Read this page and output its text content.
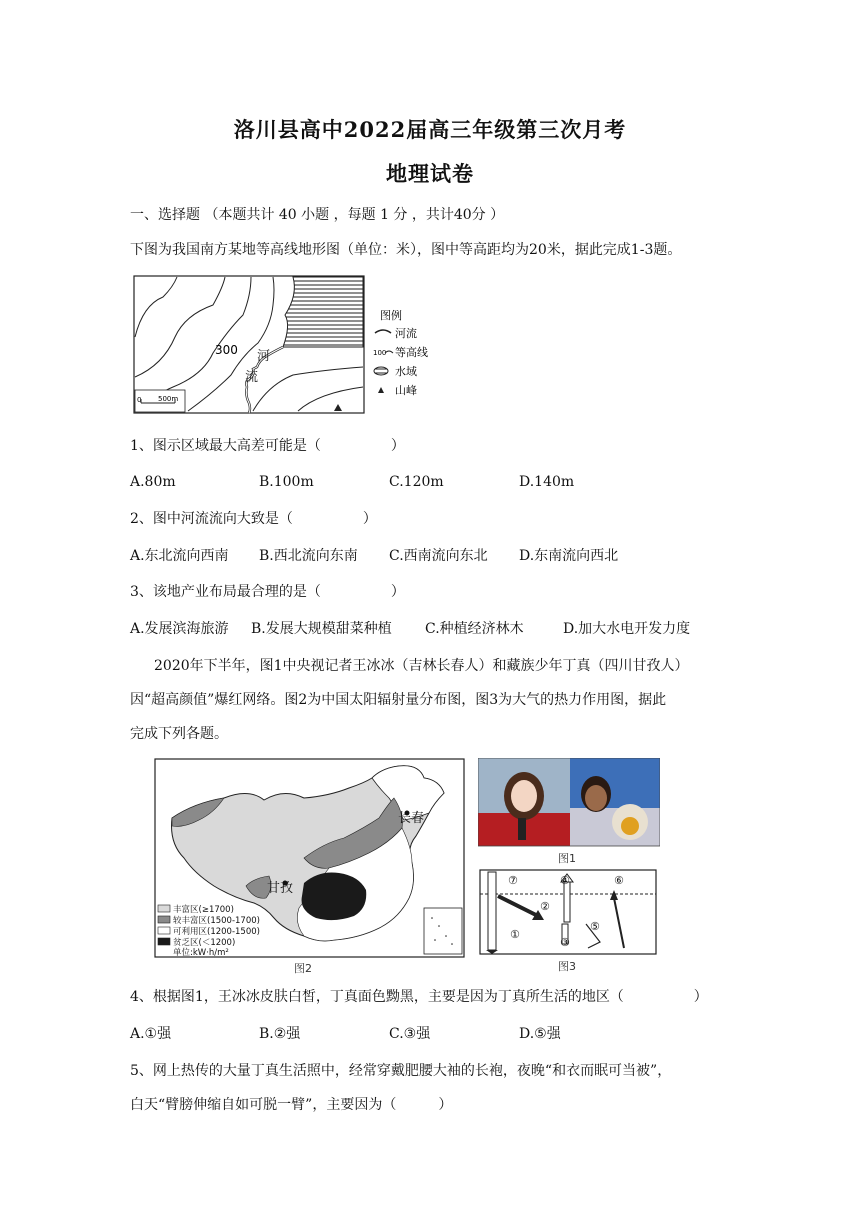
洛川县高中2022届高三年级第三次月考
地理试卷
一、选择题 （本题共计 40 小题 ，每题 1 分 ，共计40分 ）
下图为我国南方某地等高线地形图（单位：米），图中等高距均为20米，据此完成1-3题。
300 河
流
0 500m
图例
河流
100 等高线
水域
山峰
1、图示区域最大高差可能是（　　　　　）
A.80m	B.100m	C.120m	D.140m
2、图中河流流向大致是（　　　　　）
A.东北流向西南 B.西北流向东南 C.西南流向东北 D.东南流向西北
3、该地产业布局最合理的是（　　　　　）
A.发展滨海旅游 B.发展大规模甜菜种植 C.种植经济林木	D.加大水电开发力度
2020年下半年，图1中央视记者王冰冰（吉林长春人）和藏族少年丁真（四川甘孜人）
因“超高颜值”爆红网络。图2为中国太阳辐射量分布图，图3为大气的热力作用图，据此
完成下列各题。
长春
甘孜
丰富区(≥1700)
较丰富区(1500-1700)
可利用区(1200-1500)
贫乏区(＜1200)
单位:kW·h/m²
图2
图1
⑦	④	⑥
②
⑤
①
③
图3
4、根据图1，王冰冰皮肤白皙，丁真面色黝黑，主要是因为丁真所生活的地区（　　　　　）
A.①强	B.②强	C.③强	D.⑤强
5、网上热传的大量丁真生活照中，经常穿戴肥腰大袖的长袍，夜晚“和衣而眠可当被”，
白天“臂膀伸缩自如可脱一臂”，主要因为（　　　）
